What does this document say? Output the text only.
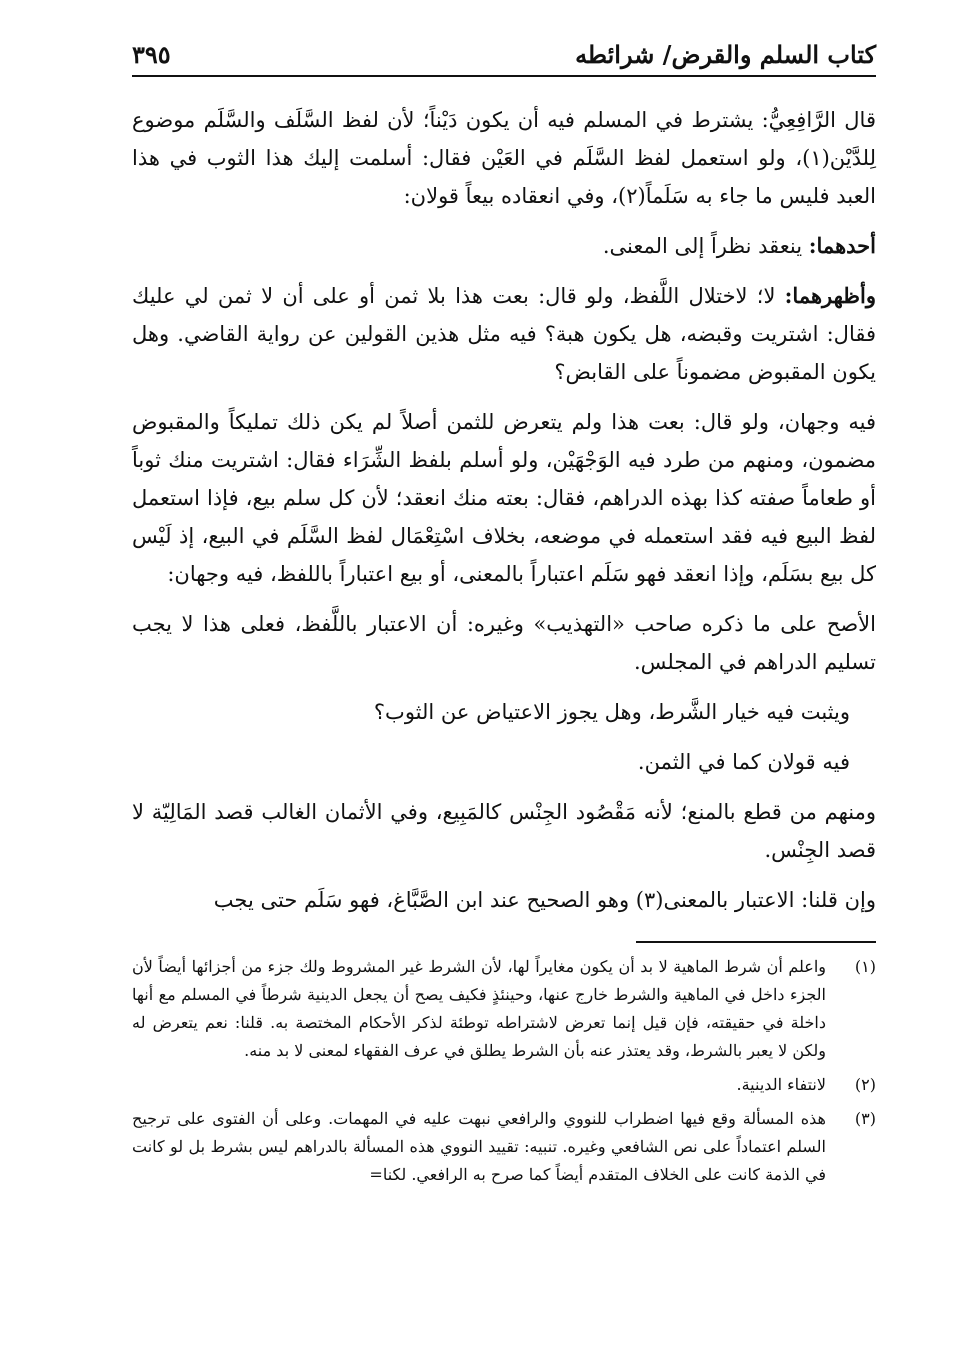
كتاب السلم والقرض/ شرائطه
٣٩٥

قال الرَّافِعِيُّ: يشترط في المسلم فيه أن يكون دَيْناً؛ لأن لفظ السَّلَف والسَّلَم موضوع لِلدَّيْن(١)، ولو استعمل لفظ السَّلَم في العَيْن فقال: أسلمت إليك هذا الثوب في هذا العبد فليس ما جاء به سَلَماً(٢)، وفي انعقاده بيعاً قولان:

أحدهما: ينعقد نظراً إلى المعنى.

وأظهرهما: لا؛ لاختلال اللَّفظ، ولو قال: بعت هذا بلا ثمن أو على أن لا ثمن لي عليك فقال: اشتريت وقبضه، هل يكون هبة؟ فيه مثل هذين القولين عن رواية القاضي. وهل يكون المقبوض مضموناً على القابض؟

فيه وجهان، ولو قال: بعت هذا ولم يتعرض للثمن أصلاً لم يكن ذلك تمليكاً والمقبوض مضمون، ومنهم من طرد فيه الوَجْهَيْن، ولو أسلم بلفظ الشِّرَاء فقال: اشتريت منك ثوباً أو طعاماً صفته كذا بهذه الدراهم، فقال: بعته منك انعقد؛ لأن كل سلم بيع، فإذا استعمل لفظ البيع فيه فقد استعمله في موضعه، بخلاف اسْتِعْمَال لفظ السَّلَم في البيع، إذ لَيْس كل بيع بسَلَم، وإذا انعقد فهو سَلَم اعتباراً بالمعنى، أو بيع اعتباراً باللفظ، فيه وجهان:

الأصح على ما ذكره صاحب «التهذيب» وغيره: أن الاعتبار باللَّفظ، فعلى هذا لا يجب تسليم الدراهم في المجلس.

ويثبت فيه خيار الشَّرط، وهل يجوز الاعتياض عن الثوب؟

فيه قولان كما في الثمن.

ومنهم من قطع بالمنع؛ لأنه مَقْصُود الجِنْس كالمَبِيع، وفي الأثمان الغالب قصد المَالِيّة لا قصد الجِنْس.

وإن قلنا: الاعتبار بالمعنى(٣) وهو الصحيح عند ابن الصَّبَّاغ، فهو سَلَم حتى يجب

(١)
واعلم أن شرط الماهية لا بد أن يكون مغايراً لها، لأن الشرط غير المشروط ولك جزء من أجزائها أيضاً لأن الجزء داخل في الماهية والشرط خارج عنها، وحينئذٍ فكيف يصح أن يجعل الدينية شرطاً في المسلم مع أنها داخلة في حقيقته، فإن قيل إنما تعرض لاشتراطه توطئة لذكر الأحكام المختصة به. قلنا: نعم يتعرض له ولكن لا يعبر بالشرط، وقد يعتذر عنه بأن الشرط يطلق في عرف الفقهاء لمعنى لا بد منه.
(٢)
لانتفاء الدينية.
(٣)
هذه المسألة وقع فيها اضطراب للنووي والرافعي نبهت عليه في المهمات. وعلى أن الفتوى على ترجيح السلم اعتماداً على نص الشافعي وغيره. تنبيه: تقييد النووي هذه المسألة بالدراهم ليس بشرط بل لو كانت في الذمة كانت على الخلاف المتقدم أيضاً كما صرح به الرافعي. لكنا=
